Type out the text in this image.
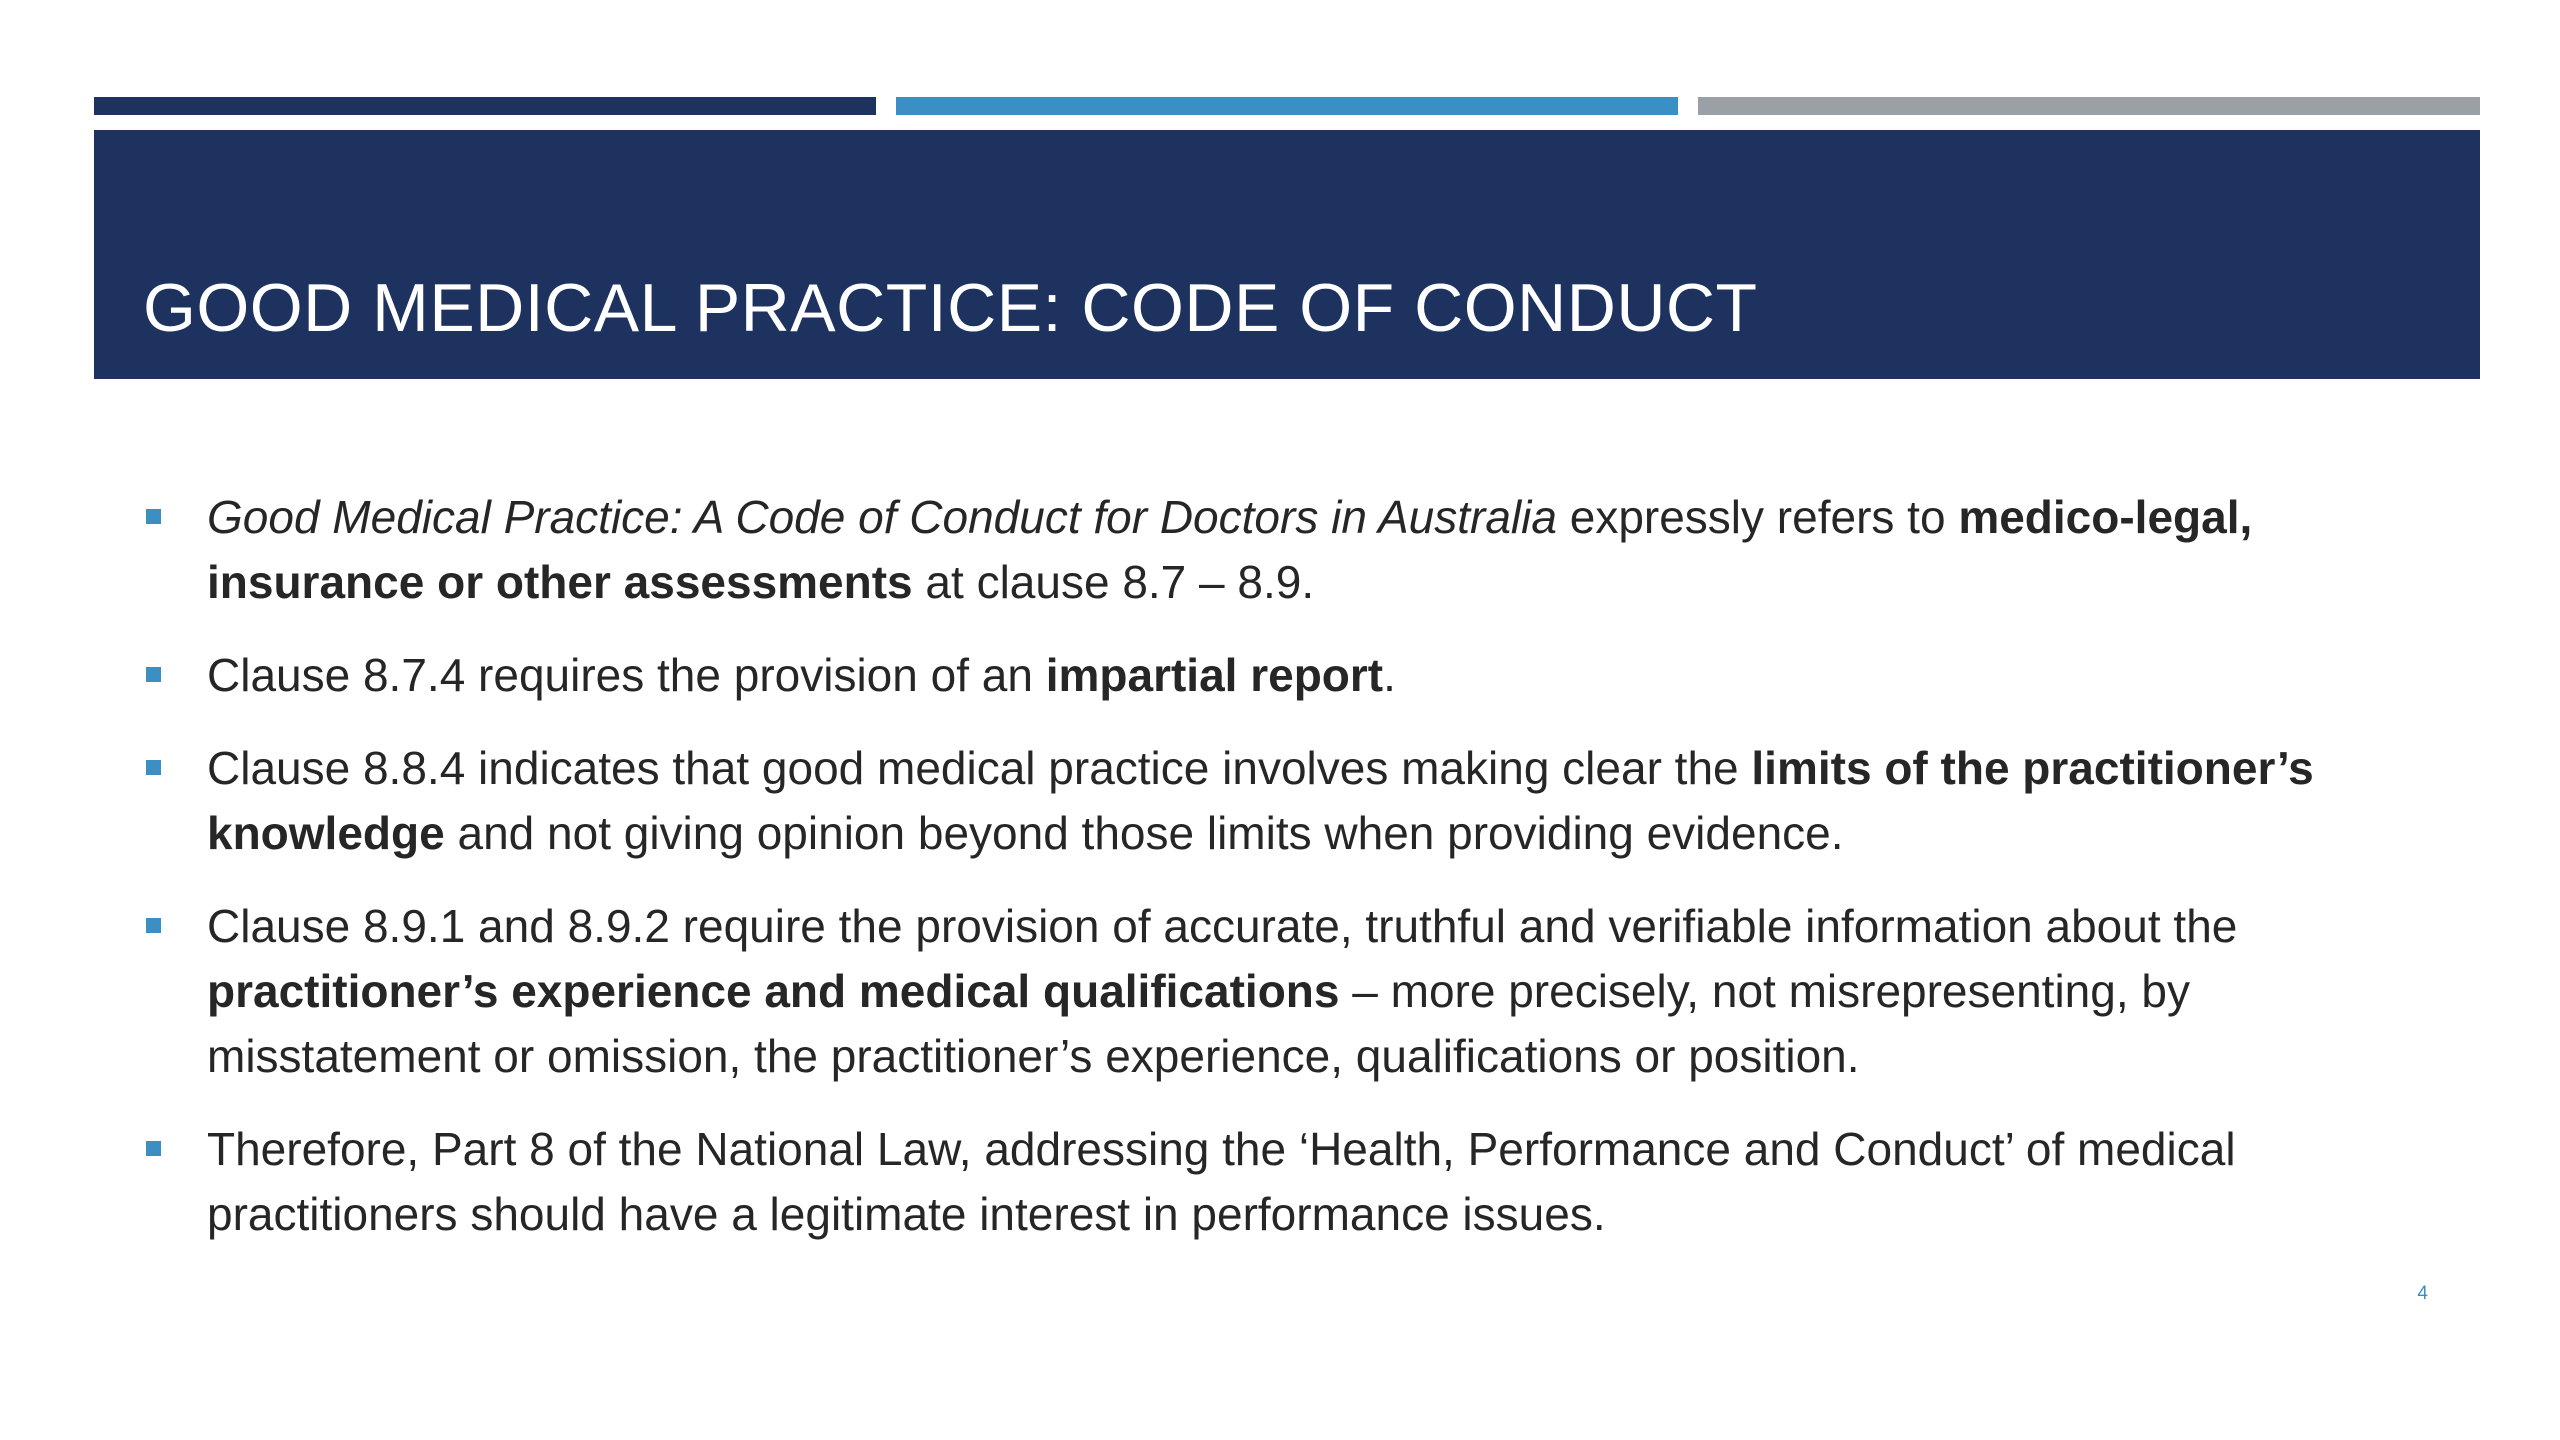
GOOD MEDICAL PRACTICE: CODE OF CONDUCT
Good Medical Practice: A Code of Conduct for Doctors in Australia expressly refers to medico-legal, insurance or other assessments at clause 8.7 – 8.9.
Clause 8.7.4 requires the provision of an impartial report.
Clause 8.8.4 indicates that good medical practice involves making clear the limits of the practitioner’s knowledge and not giving opinion beyond those limits when providing evidence.
Clause 8.9.1 and 8.9.2 require the provision of accurate, truthful and verifiable information about the practitioner’s experience and medical qualifications – more precisely, not misrepresenting, by misstatement or omission, the practitioner’s experience, qualifications or position.
Therefore, Part 8 of the National Law, addressing the ‘Health, Performance and Conduct’ of medical practitioners should have a legitimate interest in performance issues.
4
